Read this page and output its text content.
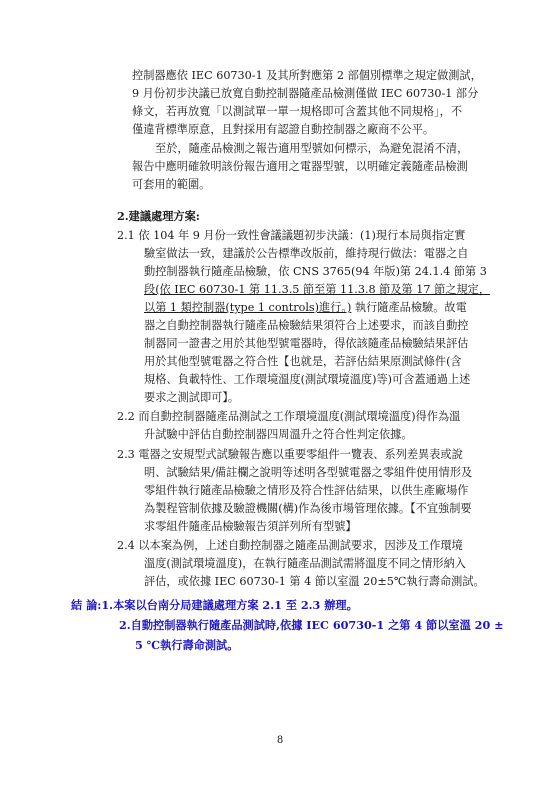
控制器應依 IEC 60730-1 及其所對應第 2 部個別標準之規定做測試，
9 月份初步決議已放寬自動控制器隨產品檢測僅做 IEC 60730-1 部分
條文，若再放寬「以測試單一單一規格即可含蓋其他不同規格」，不
僅違背標準原意，且對採用有認證自動控制器之廠商不公平。
至於，隨產品檢測之報告適用型號如何標示，為避免混淆不清，
報告中應明確敘明該份報告適用之電器型號，以明確定義隨產品檢測
可套用的範圍。
2.建議處理方案:
2.1 依 104 年 9 月份一致性會議議題初步決議：(1)現行本局與指定實
驗室做法一致，建議於公告標準改版前，維持現行做法：電器之自
動控制器執行隨產品檢驗，依 CNS 3765(94 年版)第 24.1.4 節第 3
段(依 IEC 60730-1 第 11.3.5 節至第 11.3.8 節及第 17 節之規定，
以第 1 類控制器(type 1 controls)進行。) 執行隨產品檢驗。故電
器之自動控制器執行隨產品檢驗結果須符合上述要求，而該自動控
制器同一證書之用於其他型號電器時，得依該隨產品檢驗結果評估
用於其他型號電器之符合性【也就是，若評估結果原測試條件(含
規格、負載特性、工作環境溫度(測試環境溫度)等)可含蓋通過上述
要求之測試即可】。
2.2 而自動控制器隨產品測試之工作環境溫度(測試環境溫度)得作為溫
升試驗中評估自動控制器四周溫升之符合性判定依據。
2.3 電器之安規型式試驗報告應以重要零組件一覽表、系列差異表或說
明、試驗結果/備註欄之說明等述明各型號電器之零組件使用情形及
零組件執行隨產品檢驗之情形及符合性評估結果，以供生產廠場作
為製程管制依據及驗證機關(構)作為後市場管理依據。【不宜強制要
求零組件隨產品檢驗報告須詳列所有型號】
2.4 以本案為例，上述自動控制器之隨產品測試要求，因涉及工作環境
溫度(測試環境溫度)，在執行隨產品測試需將溫度不同之情形納入
評估，或依據 IEC 60730-1 第 4 節以室溫 20±5℃執行壽命測試。
結 論:1.本案以台南分局建議處理方案 2.1 至 2.3 辦理。
2.自動控制器執行隨產品測試時,依據 IEC 60730-1 之第 4 節以室溫 20 ±
5 ℃執行壽命測試。
8
